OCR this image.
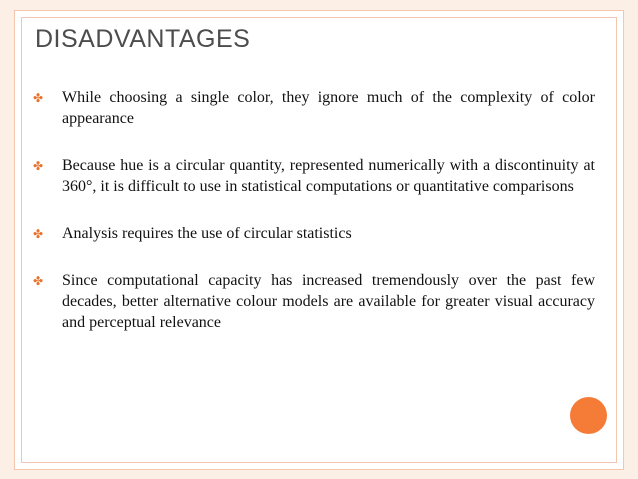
DISADVANTAGES
✤ While choosing a single color, they ignore much of the complexity of color appearance
✤ Because hue is a circular quantity, represented numerically with a discontinuity at 360°, it is difficult to use in statistical computations or quantitative comparisons
✤ Analysis requires the use of circular statistics
✤ Since computational capacity has increased tremendously over the past few decades, better alternative colour models are available for greater visual accuracy and perceptual relevance
